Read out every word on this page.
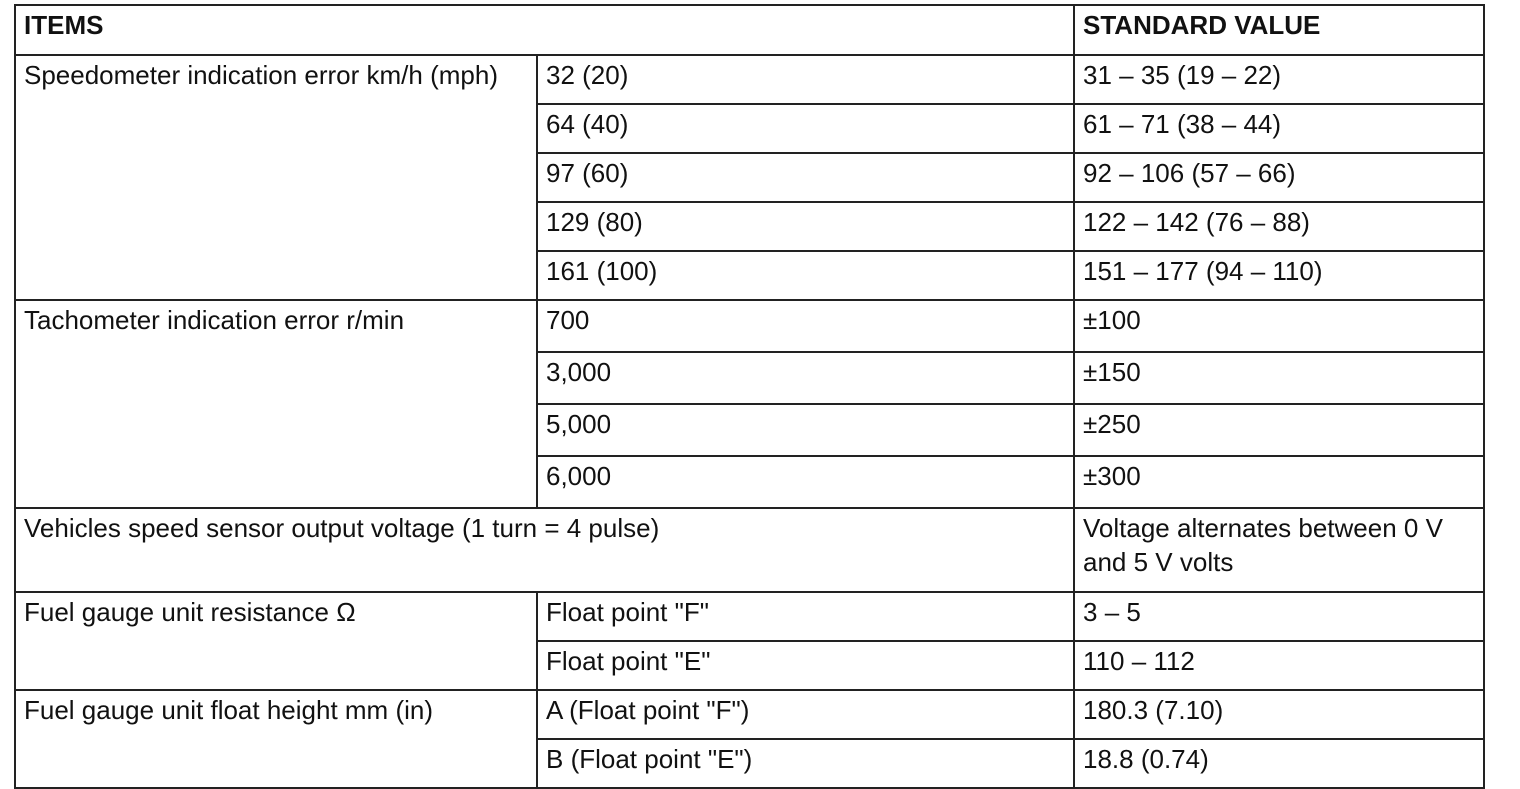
ITEMS		STANDARD VALUE
Speedometer indication error km/h (mph)	32 (20)	31 – 35 (19 – 22)
	64 (40)	61 – 71 (38 – 44)
	97 (60)	92 – 106 (57 – 66)
	129 (80)	122 – 142 (76 – 88)
	161 (100)	151 – 177 (94 – 110)
Tachometer indication error r/min	700	±100
	3,000	±150
	5,000	±250
	6,000	±300
Vehicles speed sensor output voltage (1 turn = 4 pulse)		Voltage alternates between 0 V and 5 V volts
Fuel gauge unit resistance Ω	Float point "F"	3 – 5
	Float point "E"	110 – 112
Fuel gauge unit float height mm (in)	A (Float point "F")	180.3 (7.10)
	B (Float point "E")	18.8 (0.74)
